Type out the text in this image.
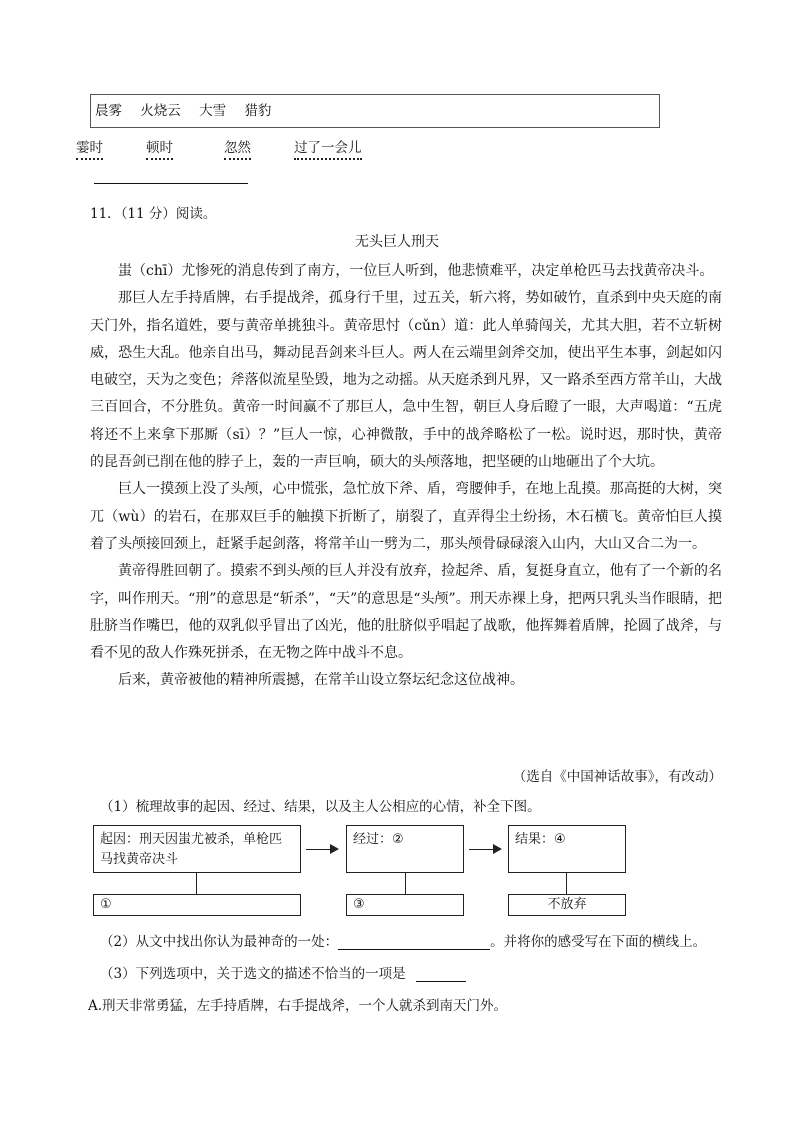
晨雾 火烧云 大雪 猎豹
霎时	顿时	忽然	过了一会儿
11．（11 分）阅读。
无头巨人刑天

蚩（chī）尤惨死的消息传到了南方，一位巨人听到，他悲愤难平，决定单枪匹马去找黄帝决斗。

那巨人左手持盾牌，右手提战斧，孤身行千里，过五关，斩六将，势如破竹，直杀到中央天庭的南天门外，指名道姓，要与黄帝单挑独斗。黄帝思忖（cǔn）道：此人单骑闯关，尤其大胆，若不立斩树威，恐生大乱。他亲自出马，舞动昆吾剑来斗巨人。两人在云端里剑斧交加，使出平生本事，剑起如闪电破空，天为之变色；斧落似流星坠毁，地为之动摇。从天庭杀到凡界，又一路杀至西方常羊山，大战三百回合，不分胜负。黄帝一时间赢不了那巨人，急中生智，朝巨人身后瞪了一眼，大声喝道：“五虎将还不上来拿下那厮（sī）？”巨人一惊，心神微散，手中的战斧略松了一松。说时迟，那时快，黄帝的昆吾剑已削在他的脖子上，轰的一声巨响，硕大的头颅落地，把坚硬的山地砸出了个大坑。

巨人一摸颈上没了头颅，心中慌张，急忙放下斧、盾，弯腰伸手，在地上乱摸。那高挺的大树，突兀（wù）的岩石，在那双巨手的触摸下折断了，崩裂了，直弄得尘土纷扬，木石横飞。黄帝怕巨人摸着了头颅接回颈上，赶紧手起剑落，将常羊山一劈为二，那头颅骨碌碌滚入山内，大山又合二为一。

黄帝得胜回朝了。摸索不到头颅的巨人并没有放弃，捡起斧、盾，复挺身直立，他有了一个新的名字，叫作刑天。“刑”的意思是“斩杀”，“天”的意思是“头颅”。刑天赤裸上身，把两只乳头当作眼睛，把肚脐当作嘴巴，他的双乳似乎冒出了凶光，他的肚脐似乎唱起了战歌，他挥舞着盾牌，抡圆了战斧，与看不见的敌人作殊死拼杀，在无物之阵中战斗不息。

后来，黄帝被他的精神所震撼，在常羊山设立祭坛纪念这位战神。

（选自《中国神话故事》，有改动）
（1）梳理故事的起因、经过、结果，以及主人公相应的心情，补全下图。
起因：刑天因蚩尤被杀，单枪匹马找黄帝决斗
经过：②	结果：④
①	③	不放弃
（2）从文中找出你认为最神奇的一处：	。并将你的感受写在下面的横线上。
（3）下列选项中，关于选文的描述不恰当的一项是
A.刑天非常勇猛，左手持盾牌，右手提战斧，一个人就杀到南天门外。
